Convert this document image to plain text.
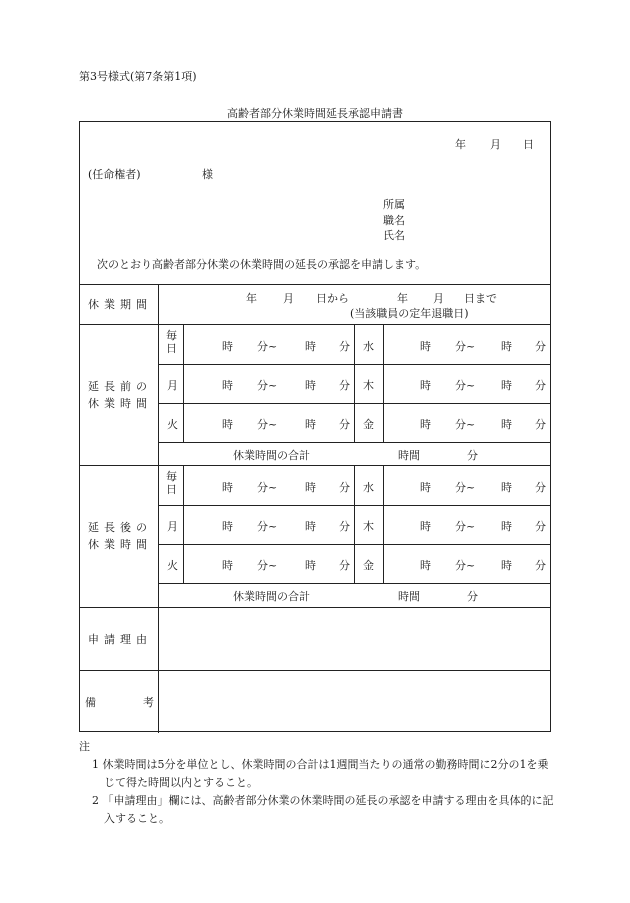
第3号様式(第7条第1項)
高齢者部分休業時間延長承認申請書
年 月 日
(任命権者)	様
所属
職名
氏名
次のとおり高齢者部分休業の休業時間の延長の承認を申請します。
休業期間	年 月 日から	年 月 日まで
(当該職員の定年退職日)
延長前の
休業時間
毎日	時 分~	時 分 水	時 分~ 時 分
月	時 分~	時 分 木	時 分~ 時 分
火	時 分~	時 分 金	時 分~ 時 分
休業時間の合計	時間	分
延長後の
休業時間
毎日	時 分~	時 分 水	時 分~ 時 分
月	時 分~	時 分 木	時 分~ 時 分
火	時 分~	時 分 金	時 分~ 時 分
休業時間の合計	時間	分
申請理由
備	考
注
1 休業時間は5分を単位とし、休業時間の合計は1週間当たりの通常の勤務時間に2分の1を乗じて得た時間以内とすること。
2 「申請理由」欄には、高齢者部分休業の休業時間の延長の承認を申請する理由を具体的に記入すること。
